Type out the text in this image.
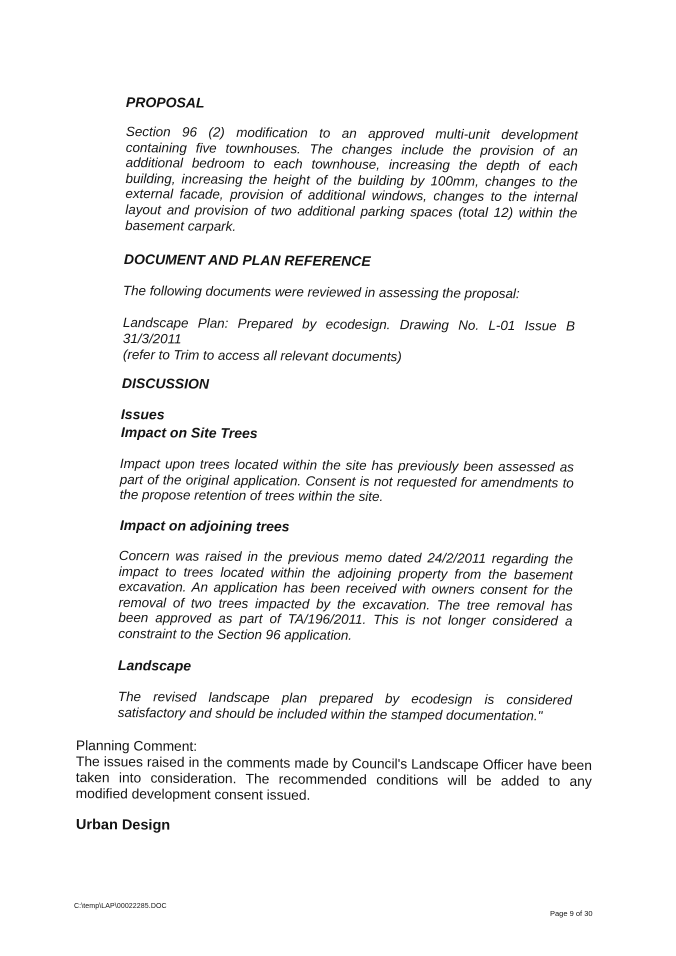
PROPOSAL

Section 96 (2) modification to an approved multi-unit development containing five townhouses. The changes include the provision of an additional bedroom to each townhouse, increasing the depth of each building, increasing the height of the building by 100mm, changes to the external facade, provision of additional windows, changes to the internal layout and provision of two additional parking spaces (total 12) within the basement carpark.

DOCUMENT AND PLAN REFERENCE
The following documents were reviewed in assessing the proposal:
Landscape Plan: Prepared by ecodesign. Drawing No. L-01 Issue B
31/3/2011
(refer to Trim to access all relevant documents)
DISCUSSION
Issues
Impact on Site Trees

Impact upon trees located within the site has previously been assessed as part of the original application. Consent is not requested for amendments to the propose retention of trees within the site.

Impact on adjoining trees

Concern was raised in the previous memo dated 24/2/2011 regarding the impact to trees located within the adjoining property from the basement excavation. An application has been received with owners consent for the removal of two trees impacted by the excavation. The tree removal has been approved as part of TA/196/2011. This is not longer considered a constraint to the Section 96 application.

Landscape

The revised landscape plan prepared by ecodesign is considered satisfactory and should be included within the stamped documentation."

Planning Comment:

The issues raised in the comments made by Council's Landscape Officer have been taken into consideration. The recommended conditions will be added to any modified development consent issued.

Urban Design
C:\temp\LAP\00022285.DOC
Page 9 of 30
